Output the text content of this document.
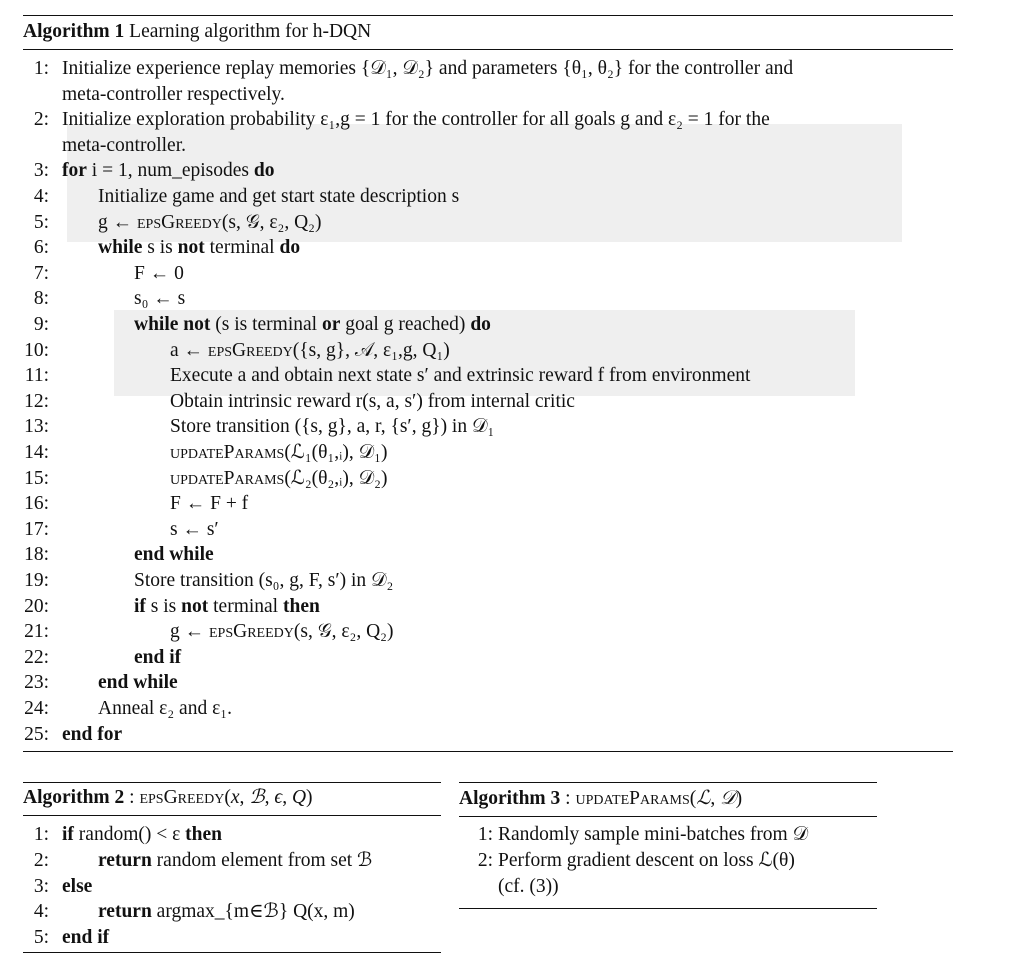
Algorithm 1 Learning algorithm for h-DQN
1 : Initialize experience replay memories {𝒟₁, 𝒟₂} and parameters {θ₁, θ₂} for the controller and
meta-controller respectively.
2 : Initialize exploration probability ε₁,g = 1 for the controller for all goals g and ε₂ = 1 for the
meta-controller.
3 : for i = 1, num_episodes do
4 :	Initialize game and get start state description s
5 :	g ← epsGreedy(s, 𝒢, ε₂, Q₂)
6 :	while s is not terminal do
7 :	F ← 0
8 :	s₀ ← s
9 :	while not (s is terminal or goal g reached) do
10 :	a ← epsGreedy({s, g}, 𝒜, ε₁,g, Q₁)
11 :	Execute a and obtain next state s′ and extrinsic reward f from environment
12 :	Obtain intrinsic reward r(s, a, s′) from internal critic
13 :	Store transition ({s, g}, a, r, {s′, g}) in 𝒟₁
14 :	updateParams(ℒ₁(θ₁,ᵢ), 𝒟₁)
15 :	updateParams(ℒ₂(θ₂,ᵢ), 𝒟₂)
16 :	F ← F + f
17 :	s ← s′
18 :	end while
19 :	Store transition (s₀, g, F, s′) in 𝒟₂
20 :	if s is not terminal then
21 :	g ← epsGreedy(s, 𝒢, ε₂, Q₂)
22 :	end if
23 :	end while
24 :	Anneal ε₂ and ε₁.
25 : end for
Algorithm 2 : epsGreedy(x, ℬ, ϵ, Q)
1 : if random() < ε then
2 :	return random element from set ℬ
3 : else
4 :	return argmax_{m∈ℬ} Q(x, m)
5 : end if
Algorithm 3 : updateParams(ℒ, 𝒟)
1 : Randomly sample mini-batches from 𝒟
2 : Perform gradient descent on loss ℒ(θ)
(cf. (3))
